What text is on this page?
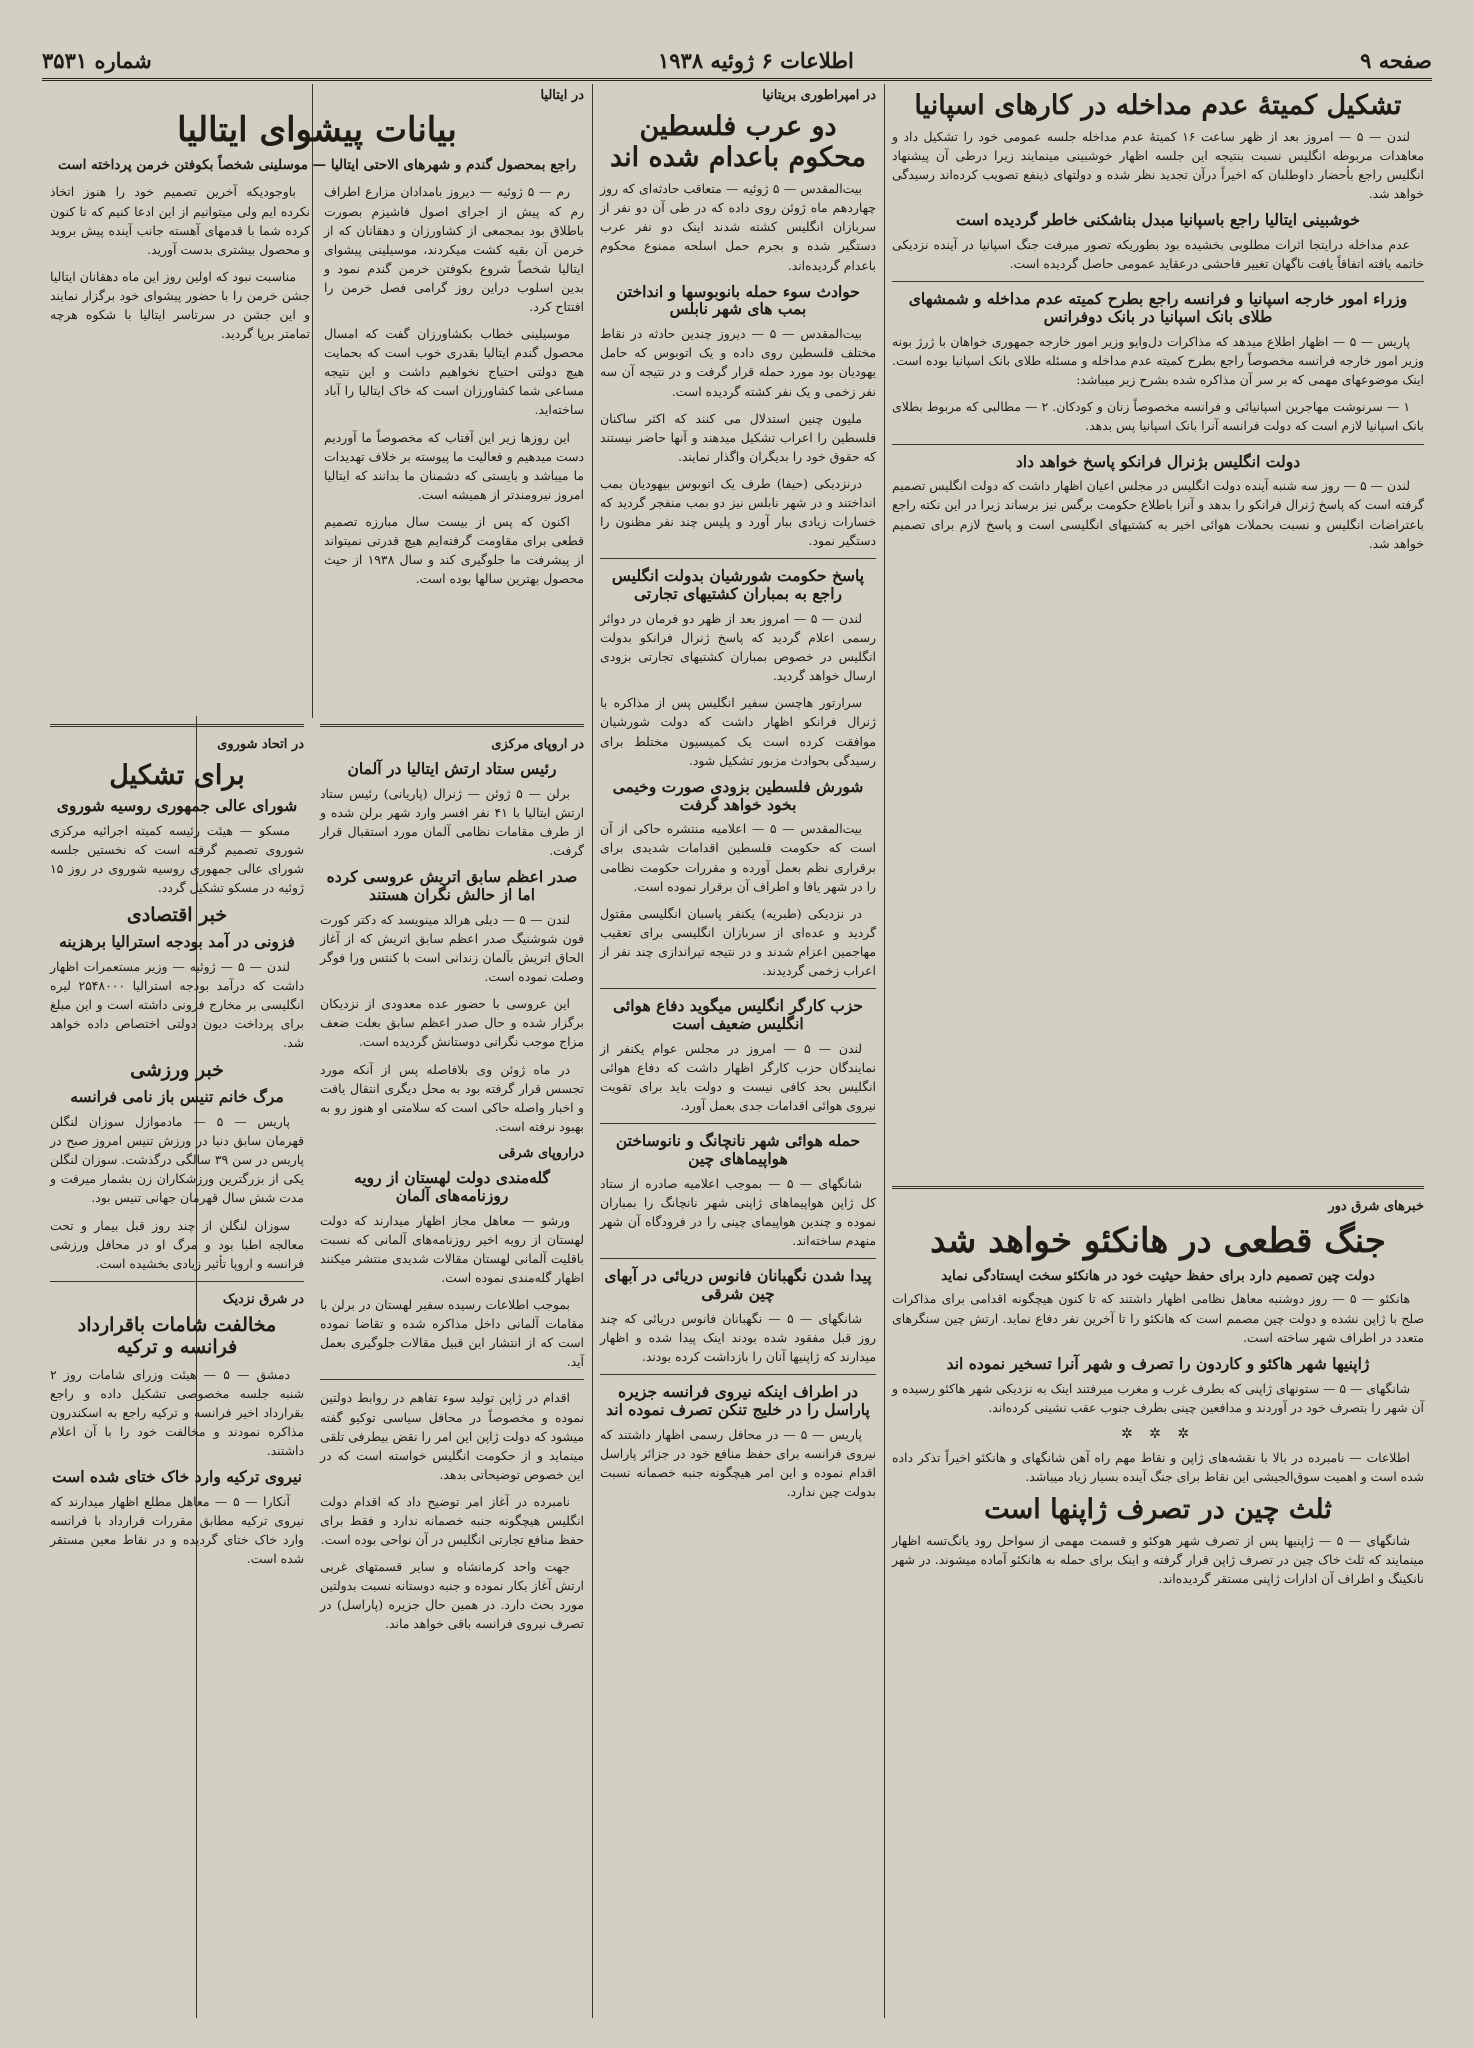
صفحه ۹
اطلاعات ۶ ژوئیه ۱۹۳۸
شماره ۳۵۳۱
تشکیل کمیتهٔ عدم مداخله در کارهای اسپانیا
لندن — ۵ — امروز بعد از ظهر ساعت ۱۶ کمیتهٔ عدم مداخله جلسه عمومی خود را تشکیل داد و معاهدات مربوطه انگلیس نسبت بنتیجه این جلسه اظهار خوشبینی مینمایند زیرا درطی آن پیشنهاد انگلیس راجع بأحضار داوطلبان که اخیراً درآن تجدید نظر شده و دولتهای ذینفع تصویب کرده‌اند رسیدگی خواهد شد.
خوشبینی ایتالیا راجع باسپانیا مبدل بناشکنی خاطر گردیده است
عدم مداخله درایتجا اثرات مطلوبی بخشیده بود بطوریکه تصور میرفت جنگ اسپانیا در آینده نزدیکی خاتمه یافته اتفاقاً یافت ناگهان تغییر فاحشی درعقاید عمومی حاصل گردیده است.
وزراء امور خارجه اسپانیا و فرانسه راجع بطرح کمیته عدم مداخله و شمشهای طلای بانک اسپانیا در بانک دوفرانس
پاریس — ۵ — اظهار اطلاع میدهد که مذاکرات دل‌وایو وزیر امور خارجه جمهوری خواهان با ژرژ بونه وزیر امور خارجه فرانسه مخصوصاً راجع بطرح کمیته عدم مداخله و مسئله طلای بانک اسپانیا بوده است. اینک موضوعهای مهمی که بر سر آن مذاکره شده بشرح زیر میباشد:
۱ — سرنوشت مهاجرین اسپانیائی و فرانسه مخصوصاً زنان و کودکان. ۲ — مطالبی که مربوط بطلای بانک اسپانیا لازم است که دولت فرانسه آنرا بانک اسپانیا پس بدهد.
دولت انگلیس بژنرال فرانکو پاسخ خواهد داد
لندن — ۵ — روز سه شنبه آینده دولت انگلیس در مجلس اعیان اظهار داشت که دولت انگلیس تصمیم گرفته است که پاسخ ژنرال فرانکو را بدهد و آنرا باطلاع حکومت برگس نیز برساند زیرا در این نکته راجع باعتراضات انگلیس و نسبت بحملات هوائی اخیر به کشتیهای انگلیسی است و پاسخ لازم برای تصمیم خواهد شد.
خبرهای شرق دور
جنگ قطعی در هانکئو خواهد شد
دولت چین تصمیم دارد برای حفظ حیثیت خود در هانکئو سخت ایستادگی نماید
هانکئو — ۵ — روز دوشنبه معاهل نظامی اظهار داشتند که تا کنون هیچگونه اقدامی برای مذاکرات صلح با ژاپن نشده و دولت چین مصمم است که هانکئو را تا آخرین نفر دفاع نماید. ارتش چین سنگرهای متعدد در اطراف شهر ساخته است.
ژاپنیها شهر هاکئو و کاردون را تصرف و شهر آنرا تسخیر نموده اند
شانگهای — ۵ — ستونهای ژاپنی که بطرف غرب و مغرب میرفتند اینک به نزدیکی شهر هاکئو رسیده و آن شهر را بتصرف خود در آوردند و مدافعین چینی بطرف جنوب عقب نشینی کرده‌اند.
✲ ✲ ✲
اطلاعات — نامبرده در بالا با نقشه‌های ژاپن و نقاط مهم راه آهن شانگهای و هانکئو اخیراً تذکر داده شده است و اهمیت سوق‌الجیشی این نقاط برای جنگ آینده بسیار زیاد میباشد.
ثلث چین در تصرف ژاپنها است
شانگهای — ۵ — ژاپنیها پس از تصرف شهر هوکئو و قسمت مهمی از سواحل رود یانگ‌تسه اظهار مینمایند که ثلث خاک چین در تصرف ژاپن قرار گرفته و اینک برای حمله به هانکئو آماده میشوند. در شهر نانکینگ و اطراف آن ادارات ژاپنی مستقر گردیده‌اند.
در امپراطوری بریتانیا
دو عرب فلسطین محکوم باعدام شده اند
بیت‌المقدس — ۵ ژوئیه — متعاقب حادثه‌ای که روز چهاردهم ماه ژوئن روی داده که در طی آن دو نفر از سربازان انگلیس کشته شدند اینک دو نفر عرب دستگیر شده و بجرم حمل اسلحه ممنوع محکوم باعدام گردیده‌اند.
حوادث سوء حمله بانوبوسها و انداختن بمب های شهر نابلس
بیت‌المقدس — ۵ — دیروز چندین حادثه در نقاط مختلف فلسطین روی داده و یک اتوبوس که حامل یهودیان بود مورد حمله قرار گرفت و در نتیجه آن سه نفر زخمی و یک نفر کشته گردیده است.
ملیون چنین استدلال می کنند که اکثر ساکنان فلسطین را اعراب تشکیل میدهند و آنها حاضر نیستند که حقوق خود را بدیگران واگذار نمایند.
درنزدیکی (حیفا) طرف یک اتوبوس بیهودیان بمب انداختند و در شهر نابلس نیز دو بمب منفجر گردید که خسارات زیادی ببار آورد و پلیس چند نفر مظنون را دستگیر نمود.
پاسخ حکومت شورشیان بدولت انگلیس راجع به بمباران کشتیهای تجارتی
لندن — ۵ — امروز بعد از ظهر دو فرمان در دوائر رسمی اعلام گردید که پاسخ ژنرال فرانکو بدولت انگلیس در خصوص بمباران کشتیهای تجارتی بزودی ارسال خواهد گردید.
سرارتور هاچسن سفیر انگلیس پس از مذاکره با ژنرال فرانکو اظهار داشت که دولت شورشیان موافقت کرده است یک کمیسیون مختلط برای رسیدگی بحوادث مزبور تشکیل شود.
شورش فلسطین بزودی صورت وخیمی بخود خواهد گرفت
بیت‌المقدس — ۵ — اعلامیه منتشره حاکی از آن است که حکومت فلسطین اقدامات شدیدی برای برقراری نظم بعمل آورده و مقررات حکومت نظامی را در شهر یافا و اطراف آن برقرار نموده است.
در نزدیکی (طبریه) یکنفر پاسبان انگلیسی مقتول گردید و عده‌ای از سربازان انگلیسی برای تعقیب مهاجمین اعزام شدند و در نتیجه تیراندازی چند نفر از اعراب زخمی گردیدند.
حزب کارگر انگلیس میگوید دفاع هوائی انگلیس ضعیف است
لندن — ۵ — امروز در مجلس عوام یکنفر از نمایندگان حزب کارگر اظهار داشت که دفاع هوائی انگلیس بحد کافی نیست و دولت باید برای تقویت نیروی هوائی اقدامات جدی بعمل آورد.
حمله هوائی شهر نانچانگ و نانوساختن هواپیماهای چین
شانگهای — ۵ — بموجب اعلامیه صادره از ستاد کل ژاپن هواپیماهای ژاپنی شهر نانچانگ را بمباران نموده و چندین هواپیمای چینی را در فرودگاه آن شهر منهدم ساخته‌اند.
پیدا شدن نگهبانان فانوس دریائی در آبهای چین شرقی
شانگهای — ۵ — نگهبانان فانوس دریائی که چند روز قبل مفقود شده بودند اینک پیدا شده و اظهار میدارند که ژاپنیها آنان را بازداشت کرده بودند.
در اطراف اینکه نیروی فرانسه جزیره پاراسل را در خلیج تنکن تصرف نموده اند
پاریس — ۵ — در محافل رسمی اظهار داشتند که نیروی فرانسه برای حفظ منافع خود در جزائر پاراسل اقدام نموده و این امر هیچگونه جنبه خصمانه نسبت بدولت چین ندارد.
در ایتالیا
بیانات پیشوای ایتالیا
راجع بمحصول گندم و شهرهای الاحتی ایتالیا — موسلینی شخصاً بکوفتن خرمن پرداخته است
رم — ۵ ژوئیه — دیروز بامدادان مزارع اطراف رم که پیش از اجرای اصول فاشیزم بصورت باطلاق بود بمجمعی از کشاورزان و دهقانان که از خرمن آن بقیه کشت میکردند، موسیلینی پیشوای ایتالیا شخصاً شروع بکوفتن خرمن گندم نمود و بدین اسلوب دراین روز گرامی فصل خرمن را افتتاح کرد.
موسیلینی خطاب بکشاورزان گفت که امسال محصول گندم ایتالیا بقدری خوب است که بحمایت هیچ دولتی احتیاج نخواهیم داشت و این نتیجه مساعی شما کشاورزان است که خاک ایتالیا را آباد ساخته‌اید.
این روزها زیر این آفتاب که مخصوصاً ما آوردیم دست میدهیم و فعالیت ما پیوسته بر خلاف تهدیدات ما میباشد و بایستی که دشمنان ما بدانند که ایتالیا امروز نیرومندتر از همیشه است.
اکنون که پس از بیست سال مبارزه تصمیم قطعی برای مقاومت گرفته‌ایم هیچ قدرتی نمیتواند از پیشرفت ما جلوگیری کند و سال ۱۹۳۸ از حیث محصول بهترین سالها بوده است.
باوجودیکه آخرین تصمیم خود را هنوز اتخاذ نکرده ایم ولی میتوانیم از این ادعا کنیم که تا کنون کرده شما با قدمهای آهسته جانب آینده پیش بروید و محصول بیشتری بدست آورید.
مناسبت نبود که اولین روز این ماه دهقانان ایتالیا جشن خرمن را با حضور پیشوای خود برگزار نمایند و این جشن در سرتاسر ایتالیا با شکوه هرچه تمامتر برپا گردید.
در اتحاد شوروی
برای تشکیل
شورای عالی جمهوری روسیه شوروی
مسکو — هیئت رئیسه کمیته اجرائیه مرکزی شوروی تصمیم گرفته است که نخستین جلسه شورای عالی جمهوری روسیه شوروی در روز ۱۵ ژوئیه در مسکو تشکیل گردد.
خبر اقتصادی
فزونی در آمد بودجه استرالیا برهزینه
لندن — ۵ — ژوئیه — وزیر مستعمرات اظهار داشت که درآمد بودجه استرالیا ۲۵۴۸۰۰۰ لیره انگلیسی بر مخارج فزونی داشته است و این مبلغ برای پرداخت دیون دولتی اختصاص داده خواهد شد.
خبر ورزشی
مرگ خانم تنیس باز نامی فرانسه
پاریس — ۵ — مادموازل سوزان لنگلن قهرمان سابق دنیا در ورزش تنیس امروز صبح در پاریس در سن ۳۹ سالگی درگذشت. سوزان لنگلن یکی از بزرگترین ورزشکاران زن بشمار میرفت و مدت شش سال قهرمان جهانی تنیس بود.
سوزان لنگلن از چند روز قبل بیمار و تحت معالجه اطبا بود و مرگ او در محافل ورزشی فرانسه و اروپا تأثیر زیادی بخشیده است.
در شرق نزدیک
مخالفت شامات باقرارداد فرانسه و ترکیه
دمشق — ۵ — هیئت وزرای شامات روز ۲ شنبه جلسه مخصوصی تشکیل داده و راجع بقرارداد اخیر فرانسه و ترکیه راجع به اسکندرون مذاکره نمودند و مخالفت خود را با آن اعلام داشتند.
نیروی ترکیه وارد خاک ختای شده است
آنکارا — ۵ — معاهل مطلع اظهار میدارند که نیروی ترکیه مطابق مقررات قرارداد با فرانسه وارد خاک ختای گردیده و در نقاط معین مستقر شده است.
در اروپای مرکزی
رئیس ستاد ارتش ایتالیا در آلمان
برلن — ۵ ژوئن — ژنرال (پاریانی) رئیس ستاد ارتش ایتالیا با ۴۱ نفر افسر وارد شهر برلن شده و از طرف مقامات نظامی آلمان مورد استقبال قرار گرفت.
صدر اعظم سابق اتریش عروسی کرده اما از حالش نگران هستند
لندن — ۵ — دیلی هرالد مینویسد که دکتر کورت فون شوشنیگ صدر اعظم سابق اتریش که از آغاز الحاق اتریش بآلمان زندانی است با کنتس ورا فوگر وصلت نموده است.
این عروسی با حضور عده معدودی از نزدیکان برگزار شده و حال صدر اعظم سابق بعلت ضعف مزاج موجب نگرانی دوستانش گردیده است.
در ماه ژوئن وی بلافاصله پس از آنکه مورد تجسس قرار گرفته بود به محل دیگری انتقال یافت و اخبار واصله حاکی است که سلامتی او هنوز رو به بهبود نرفته است.
دراروپای شرقی
گله‌مندی دولت لهستان از رویه روزنامه‌های آلمان
ورشو — معاهل مجاز اظهار میدارند که دولت لهستان از رویه اخیر روزنامه‌های آلمانی که نسبت باقلیت آلمانی لهستان مقالات شدیدی منتشر میکنند اظهار گله‌مندی نموده است.
بموجب اطلاعات رسیده سفیر لهستان در برلن با مقامات آلمانی داخل مذاکره شده و تقاضا نموده است که از انتشار این قبیل مقالات جلوگیری بعمل آید.
اقدام در ژاپن تولید سوء تفاهم در روابط دولتین نموده و مخصوصاً در محافل سیاسی توکیو گفته میشود که دولت ژاپن این امر را نقض بیطرفی تلقی مینماید و از حکومت انگلیس خواسته است که در این خصوص توضیحاتی بدهد.
نامبرده در آغاز امر توضیح داد که اقدام دولت انگلیس هیچگونه جنبه خصمانه ندارد و فقط برای حفظ منافع تجارتی انگلیس در آن نواحی بوده است.
جهت واحد کرمانشاه و سایر قسمتهای غربی ارتش آغاز بکار نموده و جنبه دوستانه نسبت بدولتین مورد بحث دارد. در همین حال جزیره (پاراسل) در تصرف نیروی فرانسه باقی خواهد ماند.
